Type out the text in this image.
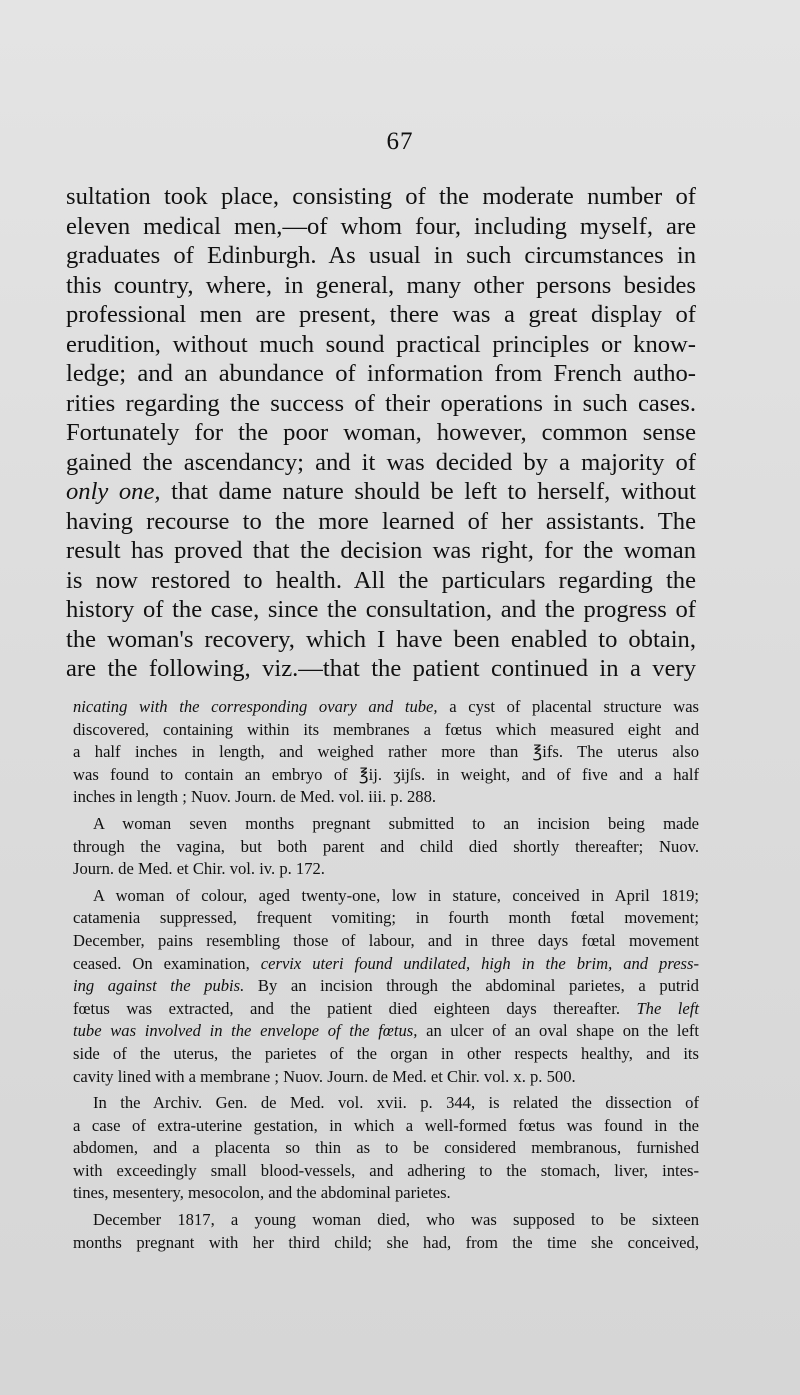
67
sultation took place, consisting of the moderate number of
eleven medical men,—of whom four, including myself, are
graduates of Edinburgh. As usual in such circumstances in
this country, where, in general, many other persons besides
professional men are present, there was a great display of
erudition, without much sound practical principles or know-
ledge; and an abundance of information from French autho-
rities regarding the success of their operations in such cases.
Fortunately for the poor woman, however, common sense
gained the ascendancy; and it was decided by a majority of
only one, that dame nature should be left to herself, without
having recourse to the more learned of her assistants. The
result has proved that the decision was right, for the woman
is now restored to health. All the particulars regarding the
history of the case, since the consultation, and the progress of
the woman's recovery, which I have been enabled to obtain,
are the following, viz.—that the patient continued in a very
nicating with the corresponding ovary and tube, a cyst of placental structure was
discovered, containing within its membranes a fœtus which measured eight and
a half inches in length, and weighed rather more than ℥ifs. The uterus also
was found to contain an embryo of ℥ij. ʒijſs. in weight, and of five and a half
inches in length ; Nuov. Journ. de Med. vol. iii. p. 288.
A woman seven months pregnant submitted to an incision being made
through the vagina, but both parent and child died shortly thereafter; Nuov.
Journ. de Med. et Chir. vol. iv. p. 172.
A woman of colour, aged twenty-one, low in stature, conceived in April 1819;
catamenia suppressed, frequent vomiting; in fourth month fœtal movement;
December, pains resembling those of labour, and in three days fœtal movement
ceased. On examination, cervix uteri found undilated, high in the brim, and press-
ing against the pubis. By an incision through the abdominal parietes, a putrid
fœtus was extracted, and the patient died eighteen days thereafter. The left
tube was involved in the envelope of the fœtus, an ulcer of an oval shape on the left
side of the uterus, the parietes of the organ in other respects healthy, and its
cavity lined with a membrane ; Nuov. Journ. de Med. et Chir. vol. x. p. 500.
In the Archiv. Gen. de Med. vol. xvii. p. 344, is related the dissection of
a case of extra-uterine gestation, in which a well-formed fœtus was found in the
abdomen, and a placenta so thin as to be considered membranous, furnished
with exceedingly small blood-vessels, and adhering to the stomach, liver, intes-
tines, mesentery, mesocolon, and the abdominal parietes.
December 1817, a young woman died, who was supposed to be sixteen
months pregnant with her third child; she had, from the time she conceived,
